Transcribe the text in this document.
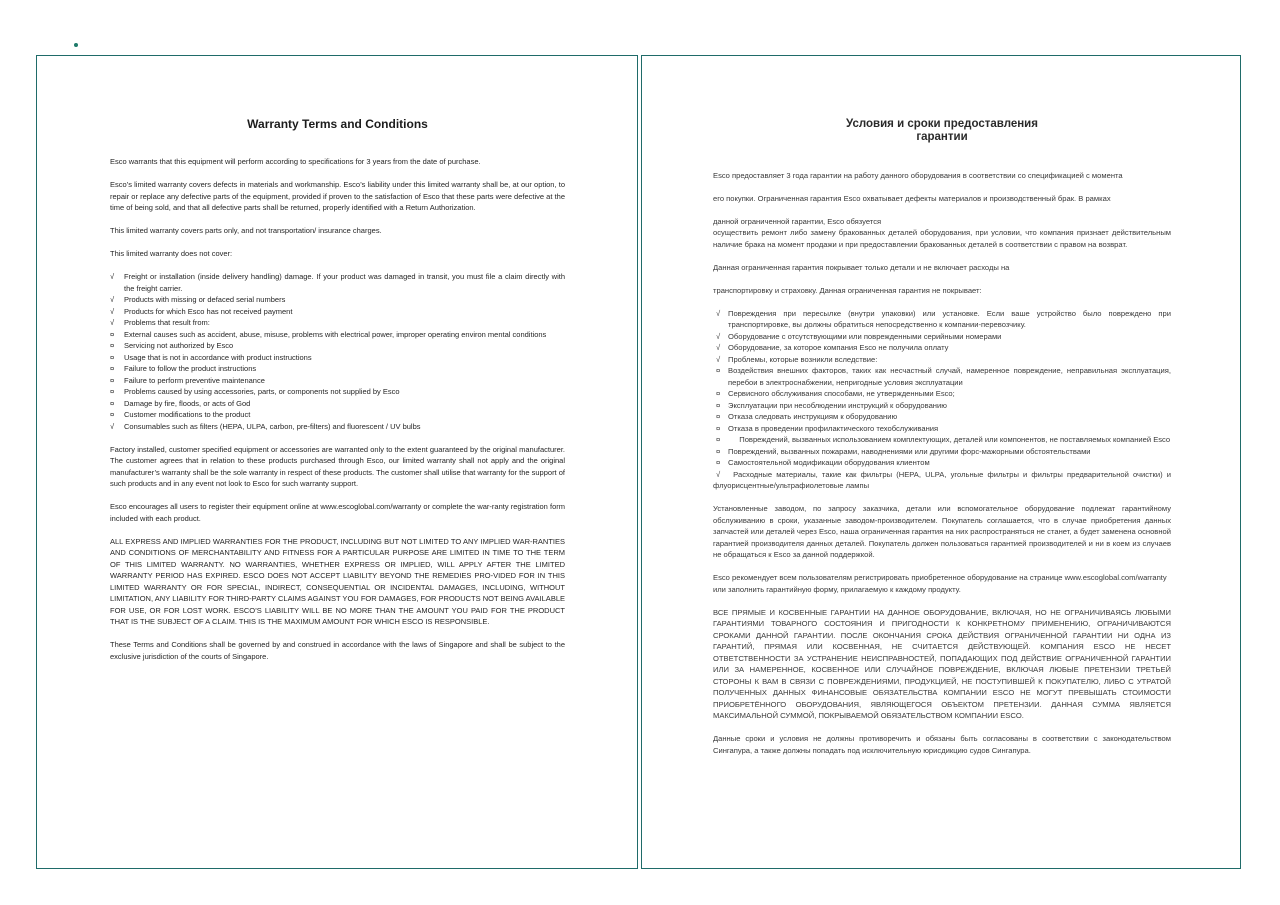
Warranty Terms and Conditions

Esco warrants that this equipment will perform according to specifications for 3 years from the date of purchase.

Esco’s limited warranty covers defects in materials and workmanship. Esco’s liability under this limited warranty shall be, at our option, to repair or replace any defective parts of the equipment, provided if proven to the satisfaction of Esco that these parts were defective at the time of being sold, and that all defective parts shall be returned, properly identified with a Return Authorization.

This limited warranty covers parts only, and not transportation/ insurance charges.

This limited warranty does not cover:

√ Freight or installation (inside delivery handling) damage. If your product was damaged in transit, you must file a claim directly with the freight carrier.
√ Products with missing or defaced serial numbers
√ Products for which Esco has not received payment
√ Problems that result from:
¤ External causes such as accident, abuse, misuse, problems with electrical power, improper operating environ mental conditions
¤ Servicing not authorized by Esco
¤ Usage that is not in accordance with product instructions
¤ Failure to follow the product instructions
¤ Failure to perform preventive maintenance
¤ Problems caused by using accessories, parts, or components not supplied by Esco
¤ Damage by fire, floods, or acts of God
¤ Customer modifications to the product
√ Consumables such as filters (HEPA, ULPA, carbon, pre-filters) and fluorescent / UV bulbs

Factory installed, customer specified equipment or accessories are warranted only to the extent guaranteed by the original manufacturer. The customer agrees that in relation to these products purchased through Esco, our limited warranty shall not apply and the original manufacturer’s warranty shall be the sole warranty in respect of these products. The customer shall utilise that warranty for the support of such products and in any event not look to Esco for such warranty support.

Esco encourages all users to register their equipment online at www.escoglobal.com/warranty or complete the war-ranty registration form included with each product.

ALL EXPRESS AND IMPLIED WARRANTIES FOR THE PRODUCT, INCLUDING BUT NOT LIMITED TO ANY IMPLIED WAR-RANTIES AND CONDITIONS OF MERCHANTABILITY AND FITNESS FOR A PARTICULAR PURPOSE ARE LIMITED IN TIME TO THE TERM OF THIS LIMITED WARRANTY. NO WARRANTIES, WHETHER EXPRESS OR IMPLIED, WILL APPLY AFTER THE LIMITED WARRANTY PERIOD HAS EXPIRED. ESCO DOES NOT ACCEPT LIABILITY BEYOND THE REMEDIES PRO-VIDED FOR IN THIS LIMITED WARRANTY OR FOR SPECIAL, INDIRECT, CONSEQUENTIAL OR INCIDENTAL DAMAGES, INCLUDING, WITHOUT LIMITATION, ANY LIABILITY FOR THIRD-PARTY CLAIMS AGAINST YOU FOR DAMAGES, FOR PRODUCTS NOT BEING AVAILABLE FOR USE, OR FOR LOST WORK. ESCO’S LIABILITY WILL BE NO MORE THAN THE AMOUNT YOU PAID FOR THE PRODUCT THAT IS THE SUBJECT OF A CLAIM. THIS IS THE MAXIMUM AMOUNT FOR WHICH ESCO IS RESPONSIBLE.

These Terms and Conditions shall be governed by and construed in accordance with the laws of Singapore and shall be subject to the exclusive jurisdiction of the courts of Singapore.

Условия и сроки предоставления гарантии

Esco предоставляет 3 года гарантии на работу данного оборудования в соответствии со спецификацией с момента

его покупки. Ограниченная гарантия Esco охватывает дефекты материалов и производственный брак. В рамках

данной ограниченной гарантии, Esco обязуется
осуществить ремонт либо замену бракованных деталей оборудования, при условии, что компания признает действительным наличие брака на момент продажи и при предоставлении бракованных деталей в соответствии с правом на возврат.

Данная ограниченная гарантия покрывает только детали и не включает расходы на

транспортировку и страховку. Данная ограниченная гарантия не покрывает:

√ Повреждения при пересылке (внутри упаковки) или установке. Если ваше устройство было повреждено при транспортировке, вы должны обратиться непосредственно к компании-перевозчику.
√ Оборудование с отсутствующими или поврежденными серийными номерами
√ Оборудование, за которое компания Esco не получила оплату
√ Проблемы, которые возникли вследствие:
¤ Воздействия внешних факторов, таких как несчастный случай, намеренное повреждение, неправильная эксплуатация, перебои в электроснабжении, непригодные условия эксплуатации
¤ Сервисного обслуживания способами, не утвержденными Esco;
¤ Эксплуатации при несоблюдении инструкций к оборудованию
¤ Отказа следовать инструкциям к оборудованию
¤ Отказа в проведении профилактического техобслуживания
¤	Повреждений, вызванных использованием комплектующих, деталей или компонентов, не поставляемых компанией Esco
¤ Повреждений, вызванных пожарами, наводнениями или другими форс-мажорными обстоятельствами
¤ Самостоятельной модификации оборудования клиентом
√ Расходные материалы, такие как фильтры (HEPA, ULPA, угольные фильтры и фильтры предварительной очистки) и флуорисцентные/ультрафиолетовые лампы

Установленные заводом, по запросу заказчика, детали или вспомогательное оборудование подлежат гарантийному обслуживанию в сроки, указанные заводом-производителем. Покупатель соглашается, что в случае приобретения данных запчастей или деталей через Esco, наша ограниченная гарантия на них распространяться не станет, а будет заменена основной гарантией производителя данных деталей. Покупатель должен пользоваться гарантией производителей и ни в коем из случаев не обращаться к Esco за данной поддержкой.

Esco рекомендует всем пользователям регистрировать приобретенное оборудование на странице www.escoglobal.com/warranty или заполнить гарантийную форму, прилагаемую к каждому продукту.

ВСЕ ПРЯМЫЕ И КОСВЕННЫЕ ГАРАНТИИ НА ДАННОЕ ОБОРУДОВАНИЕ, ВКЛЮЧАЯ, НО НЕ ОГРАНИЧИВАЯСЬ ЛЮБЫМИ ГАРАНТИЯМИ ТОВАРНОГО СОСТОЯНИЯ И ПРИГОДНОСТИ К КОНКРЕТНОМУ ПРИМЕНЕНИЮ, ОГРАНИЧИВАЮТСЯ СРОКАМИ ДАННОЙ ГАРАНТИИ. ПОСЛЕ ОКОНЧАНИЯ СРОКА ДЕЙСТВИЯ ОГРАНИЧЕННОЙ ГАРАНТИИ НИ ОДНА ИЗ ГАРАНТИЙ, ПРЯМАЯ ИЛИ КОСВЕННАЯ, НЕ СЧИТАЕТСЯ ДЕЙСТВУЮЩЕЙ. КОМПАНИЯ ESCO НЕ НЕСЕТ ОТВЕТСТВЕННОСТИ ЗА УСТРАНЕНИЕ НЕИСПРАВНОСТЕЙ, ПОПАДАЮЩИХ ПОД ДЕЙСТВИЕ ОГРАНИЧЕННОЙ ГАРАНТИИ ИЛИ ЗА НАМЕРЕННОЕ, КОСВЕННОЕ ИЛИ СЛУЧАЙНОЕ ПОВРЕЖДЕНИЕ, ВКЛЮЧАЯ ЛЮБЫЕ ПРЕТЕНЗИИ ТРЕТЬЕЙ СТОРОНЫ К ВАМ В СВЯЗИ С ПОВРЕЖДЕНИЯМИ, ПРОДУКЦИЕЙ, НЕ ПОСТУПИВШЕЙ К ПОКУПАТЕЛЮ, ЛИБО С УТРАТОЙ ПОЛУЧЕННЫХ ДАННЫХ ФИНАНСОВЫЕ ОБЯЗАТЕЛЬСТВА КОМПАНИИ ESCO НЕ МОГУТ ПРЕВЫШАТЬ СТОИМОСТИ ПРИОБРЕТЁННОГО ОБОРУДОВАНИЯ, ЯВЛЯЮЩЕГОСЯ ОБЪЕКТОМ ПРЕТЕНЗИИ. ДАННАЯ СУММА ЯВЛЯЕТСЯ МАКСИМАЛЬНОЙ СУММОЙ, ПОКРЫВАЕМОЙ ОБЯЗАТЕЛЬСТВОМ КОМПАНИИ ESCO.

Данные сроки и условия не должны противоречить и обязаны быть согласованы в соответствии с законодательством Сингапура, а также должны попадать под исключительную юрисдикцию судов Сингапура.
